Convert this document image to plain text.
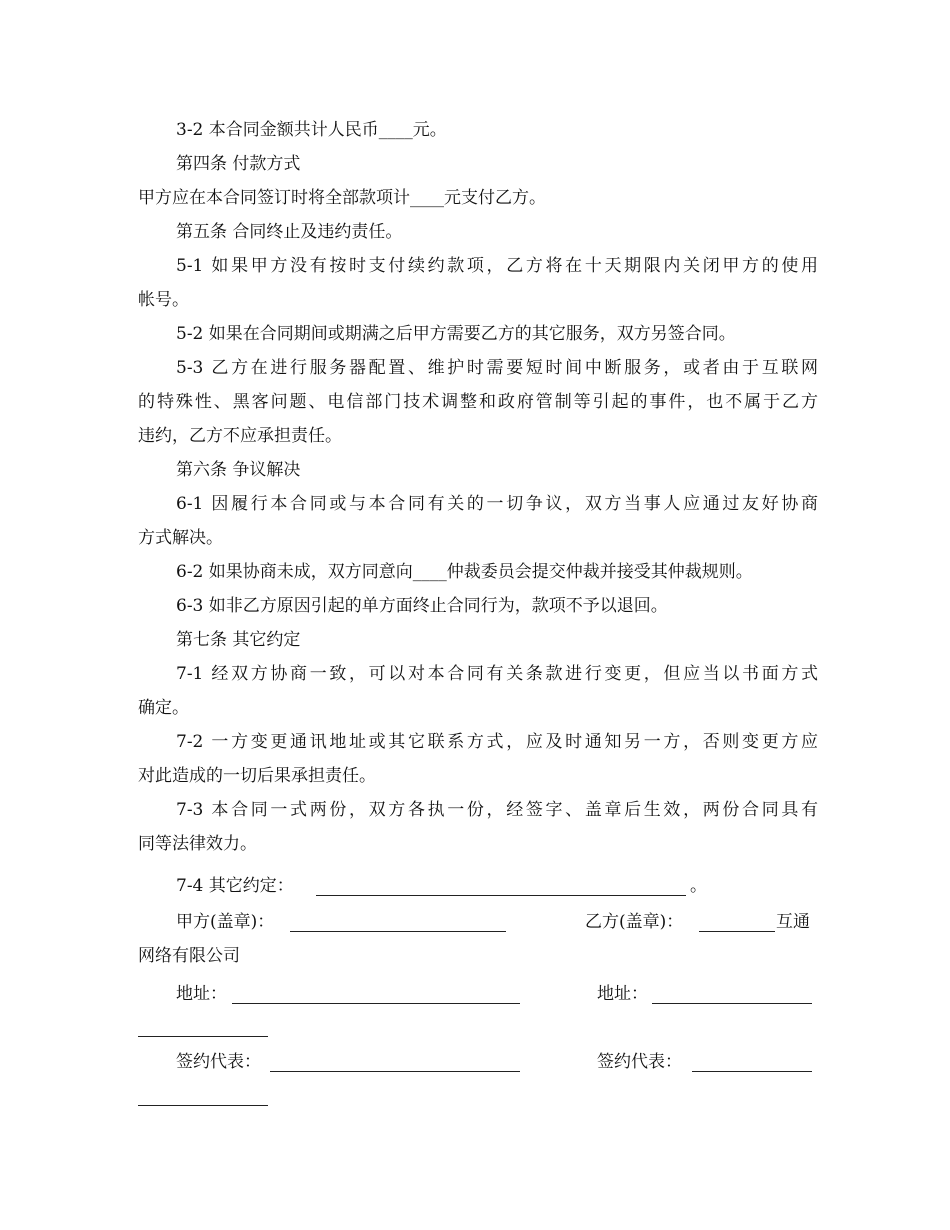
3-2 本合同金额共计人民币____元。
第四条 付款方式
甲方应在本合同签订时将全部款项计____元支付乙方。
第五条 合同终止及违约责任。
5-1 如果甲方没有按时支付续约款项，乙方将在十天期限内关闭甲方的使用
帐号。
5-2 如果在合同期间或期满之后甲方需要乙方的其它服务，双方另签合同。
5-3 乙方在进行服务器配置、维护时需要短时间中断服务，或者由于互联网
的特殊性、黑客问题、电信部门技术调整和政府管制等引起的事件，也不属于乙方
违约，乙方不应承担责任。
第六条 争议解决
6-1 因履行本合同或与本合同有关的一切争议，双方当事人应通过友好协商
方式解决。
6-2 如果协商未成，双方同意向____仲裁委员会提交仲裁并接受其仲裁规则。
6-3 如非乙方原因引起的单方面终止合同行为，款项不予以退回。
第七条 其它约定
7-1 经双方协商一致，可以对本合同有关条款进行变更，但应当以书面方式
确定。
7-2 一方变更通讯地址或其它联系方式，应及时通知另一方，否则变更方应
对此造成的一切后果承担责任。
7-3 本合同一式两份，双方各执一份，经签字、盖章后生效，两份合同具有
同等法律效力。
7-4 其它约定：	。
甲方(盖章)：	乙方(盖章)：	互通
网络有限公司
地址：	地址：
签约代表：	签约代表：
